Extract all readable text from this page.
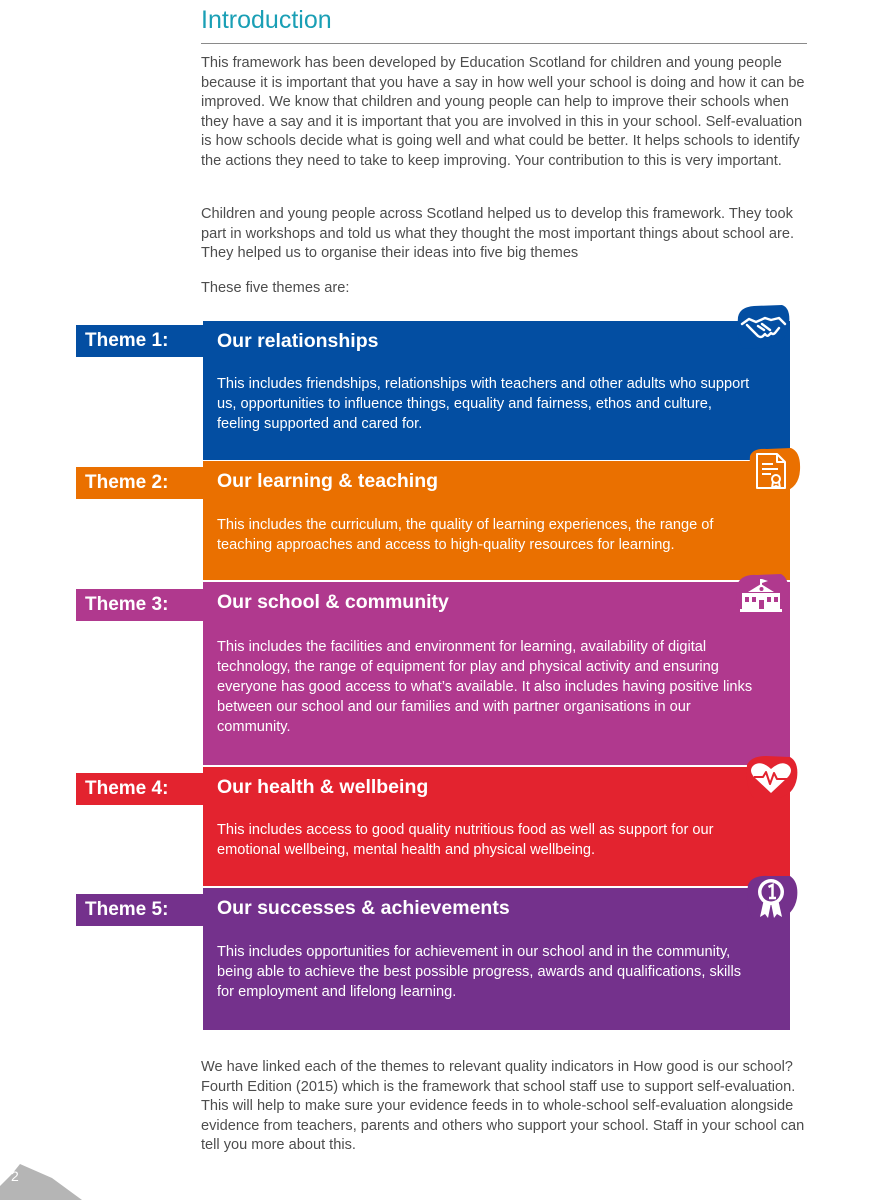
Introduction

This framework has been developed by Education Scotland for children and young people because it is important that you have a say in how well your school is doing and how it can be improved. We know that children and young people can help to improve their schools when they have a say and it is important that you are involved in this in your school. Self-evaluation is how schools decide what is going well and what could be better. It helps schools to identify the actions they need to take to keep improving. Your contribution to this is very important.

Children and young people across Scotland helped us to develop this framework. They took part in workshops and told us what they thought the most important things about school are. They helped us to organise their ideas into five big themes

These five themes are:

Theme 1:	Our relationships

This includes friendships, relationships with teachers and other adults who support us, opportunities to influence things, equality and fairness, ethos and culture, feeling supported and cared for.

Theme 2:	Our learning & teaching

This includes the curriculum, the quality of learning experiences, the range of teaching approaches and access to high-quality resources for learning.

Theme 3:	Our school & community

This includes the facilities and environment for learning, availability of digital technology, the range of equipment for play and physical activity and ensuring everyone has good access to what’s available. It also includes having positive links between our school and our families and with partner organisations in our community.

Theme 4:	Our health & wellbeing

This includes access to good quality nutritious food as well as support for our emotional wellbeing, mental health and physical wellbeing.

Theme 5:	Our successes & achievements

This includes opportunities for achievement in our school and in the community, being able to achieve the best possible progress, awards and qualifications, skills for employment and lifelong learning.

We have linked each of the themes to relevant quality indicators in How good is our school? Fourth Edition (2015) which is the framework that school staff use to support self-evaluation. This will help to make sure your evidence feeds in to whole-school self-evaluation alongside evidence from teachers, parents and others who support your school. Staff in your school can tell you more about this.

2
